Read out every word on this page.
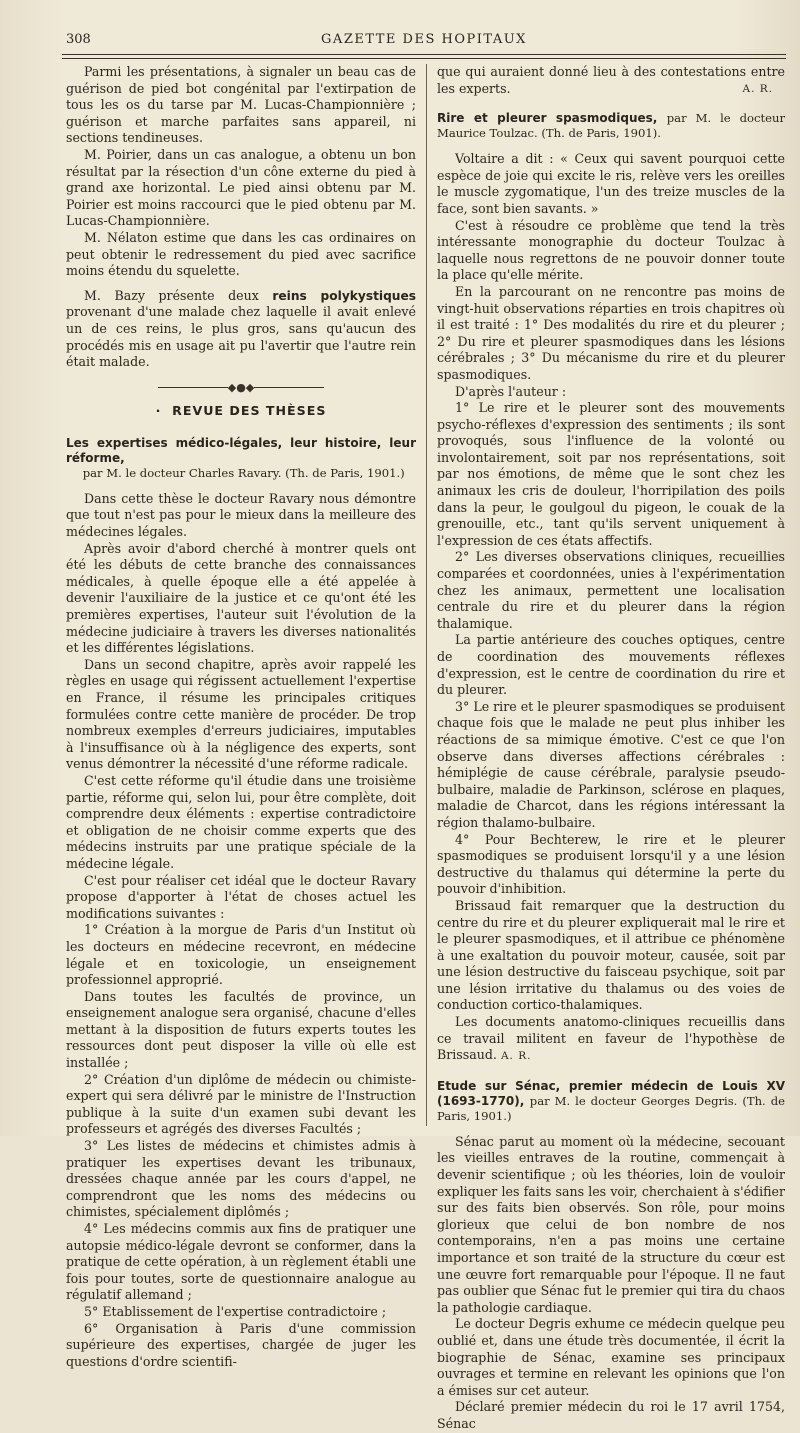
308	GAZETTE DES HOPITAUX

Parmi les présentations, à signaler un beau cas de guérison de pied bot congénital par l'extirpation de tous les os du tarse par M. Lucas-Championnière ; guérison et marche parfaites sans appareil, ni sections tendineuses.

M. Poirier, dans un cas analogue, a obtenu un bon résultat par la résection d'un cône externe du pied à grand axe horizontal. Le pied ainsi obtenu par M. Poirier est moins raccourci que le pied obtenu par M. Lucas-Championnière.

M. Nélaton estime que dans les cas ordinaires on peut obtenir le redressement du pied avec sacrifice moins étendu du squelette.

M. Bazy présente deux reins polykystiques provenant d'une malade chez laquelle il avait enlevé un de ces reins, le plus gros, sans qu'aucun des procédés mis en usage ait pu l'avertir que l'autre rein était malade.

◆●◆
·  REVUE DES THÈSES

Les expertises médico-légales, leur histoire, leur réforme,
par M. le docteur Charles Ravary. (Th. de Paris, 1901.)

Dans cette thèse le docteur Ravary nous démontre que tout n'est pas pour le mieux dans la meilleure des médecines légales.

Après avoir d'abord cherché à montrer quels ont été les débuts de cette branche des connaissances médicales, à quelle époque elle a été appelée à devenir l'auxiliaire de la justice et ce qu'ont été les premières expertises, l'auteur suit l'évolution de la médecine judiciaire à travers les diverses nationalités et les différentes législations.

Dans un second chapitre, après avoir rappelé les règles en usage qui régissent actuellement l'expertise en France, il résume les principales critiques formulées contre cette manière de procéder. De trop nombreux exemples d'erreurs judiciaires, imputables à l'insuffisance où à la négligence des experts, sont venus démontrer la nécessité d'une réforme radicale.

C'est cette réforme qu'il étudie dans une troisième partie, réforme qui, selon lui, pour être complète, doit comprendre deux éléments : expertise contradictoire et obligation de ne choisir comme experts que des médecins instruits par une pratique spéciale de la médecine légale.

C'est pour réaliser cet idéal que le docteur Ravary propose d'apporter à l'état de choses actuel les modifications suivantes :

1° Création à la morgue de Paris d'un Institut où les docteurs en médecine recevront, en médecine légale et en toxicologie, un enseignement professionnel approprié.

Dans toutes les facultés de province, un enseignement analogue sera organisé, chacune d'elles mettant à la disposition de futurs experts toutes les ressources dont peut disposer la ville où elle est installée ;

2° Création d'un diplôme de médecin ou chimiste-expert qui sera délivré par le ministre de l'Instruction publique à la suite d'un examen subi devant les professeurs et agrégés des diverses Facultés ;

3° Les listes de médecins et chimistes admis à pratiquer les expertises devant les tribunaux, dressées chaque année par les cours d'appel, ne comprendront que les noms des médecins ou chimistes, spécialement diplômés ;

4° Les médecins commis aux fins de pratiquer une autopsie médico-légale devront se conformer, dans la pratique de cette opération, à un règlement établi une fois pour toutes, sorte de questionnaire analogue au régulatif allemand ;

5° Etablissement de l'expertise contradictoire ;

6° Organisation à Paris d'une commission supérieure des expertises, chargée de juger les questions d'ordre scientifi-

que qui auraient donné lieu à des contestations entre les experts.	A. R.

Rire et pleurer spasmodiques, par M. le docteur Maurice Toulzac. (Th. de Paris, 1901).

Voltaire a dit : « Ceux qui savent pourquoi cette espèce de joie qui excite le ris, relève vers les oreilles le muscle zygomatique, l'un des treize muscles de la face, sont bien savants. »

C'est à résoudre ce problème que tend la très intéressante monographie du docteur Toulzac à laquelle nous regrettons de ne pouvoir donner toute la place qu'elle mérite.

En la parcourant on ne rencontre pas moins de vingt-huit observations réparties en trois chapitres où il est traité : 1° Des modalités du rire et du pleurer ; 2° Du rire et pleurer spasmodiques dans les lésions cérébrales ; 3° Du mécanisme du rire et du pleurer spasmodiques.

D'après l'auteur :

1° Le rire et le pleurer sont des mouvements psycho-réflexes d'expression des sentiments ; ils sont provoqués, sous l'influence de la volonté ou involontairement, soit par nos représentations, soit par nos émotions, de même que le sont chez les animaux les cris de douleur, l'horripilation des poils dans la peur, le goulgoul du pigeon, le couak de la grenouille, etc., tant qu'ils servent uniquement à l'expression de ces états affectifs.

2° Les diverses observations cliniques, recueillies comparées et coordonnées, unies à l'expérimentation chez les animaux, permettent une localisation centrale du rire et du pleurer dans la région thalamique.

La partie antérieure des couches optiques, centre de coordination des mouvements réflexes d'expression, est le centre de coordination du rire et du pleurer.

3° Le rire et le pleurer spasmodiques se produisent chaque fois que le malade ne peut plus inhiber les réactions de sa mimique émotive. C'est ce que l'on observe dans diverses affections cérébrales : hémiplégie de cause cérébrale, paralysie pseudo-bulbaire, maladie de Parkinson, sclérose en plaques, maladie de Charcot, dans les régions intéressant la région thalamo-bulbaire.

4° Pour Bechterew, le rire et le pleurer spasmodiques se produisent lorsqu'il y a une lésion destructive du thalamus qui détermine la perte du pouvoir d'inhibition.

Brissaud fait remarquer que la destruction du centre du rire et du pleurer expliquerait mal le rire et le pleurer spasmodiques, et il attribue ce phénomène à une exaltation du pouvoir moteur, causée, soit par une lésion destructive du faisceau psychique, soit par une lésion irritative du thalamus ou des voies de conduction cortico-thalamiques.

Les documents anatomo-cliniques recueillis dans ce travail militent en faveur de l'hypothèse de Brissaud. A. R.

Etude sur Sénac, premier médecin de Louis XV (1693-1770), par M. le docteur Georges Degris. (Th. de Paris, 1901.)

Sénac parut au moment où la médecine, secouant les vieilles entraves de la routine, commençait à devenir scientifique ; où les théories, loin de vouloir expliquer les faits sans les voir, cherchaient à s'édifier sur des faits bien observés. Son rôle, pour moins glorieux que celui de bon nombre de nos contemporains, n'en a pas moins une certaine importance et son traité de la structure du cœur est une œuvre fort remarquable pour l'époque. Il ne faut pas oublier que Sénac fut le premier qui tira du chaos la pathologie cardiaque.

Le docteur Degris exhume ce médecin quelque peu oublié et, dans une étude très documentée, il écrit la biographie de Sénac, examine ses principaux ouvrages et termine en relevant les opinions que l'on a émises sur cet auteur.

Déclaré premier médecin du roi le 17 avril 1754, Sénac
